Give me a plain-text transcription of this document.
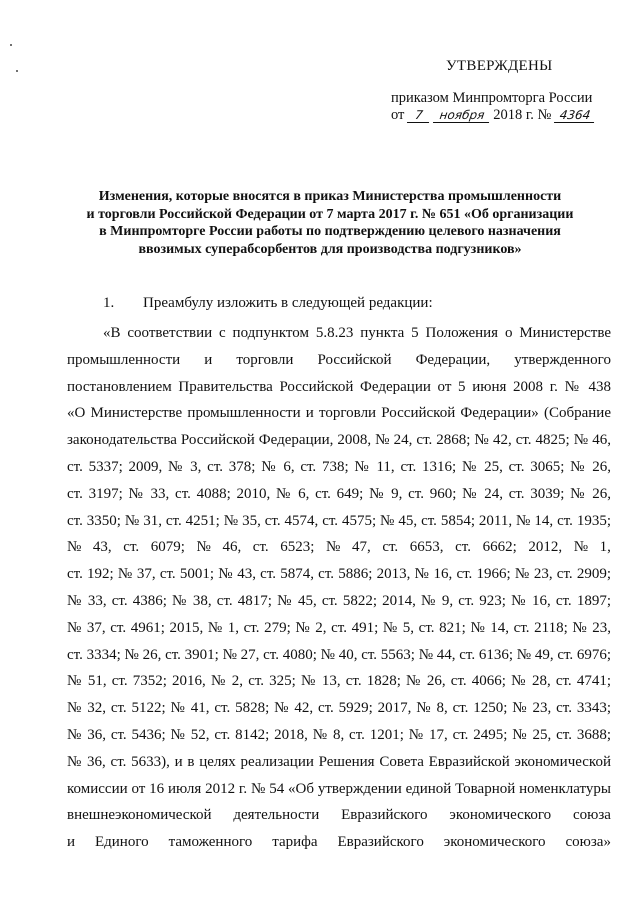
УТВЕРЖДЕНЫ
приказом Минпромторга России
от 7 ноября 2018 г. № 4364
Изменения, которые вносятся в приказ Министерства промышленности
и торговли Российской Федерации от 7 марта 2017 г. № 651 «Об организации
в Минпромторге России работы по подтверждению целевого назначения
ввозимых суперабсорбентов для производства подгузников»
1. Преамбулу изложить в следующей редакции:
«В соответствии с подпунктом 5.8.23 пункта 5 Положения о Министерстве
промышленности и торговли Российской Федерации, утвержденного
постановлением Правительства Российской Федерации от 5 июня 2008 г. № 438
«О Министерстве промышленности и торговли Российской Федерации» (Собрание
законодательства Российской Федерации, 2008, № 24, ст. 2868; № 42, ст. 4825; № 46,
ст. 5337; 2009, № 3, ст. 378; № 6, ст. 738; № 11, ст. 1316; № 25, ст. 3065; № 26,
ст. 3197; № 33, ст. 4088; 2010, № 6, ст. 649; № 9, ст. 960; № 24, ст. 3039; № 26,
ст. 3350; № 31, ст. 4251; № 35, ст. 4574, ст. 4575; № 45, ст. 5854; 2011, № 14, ст. 1935;
№ 43, ст. 6079; № 46, ст. 6523; № 47, ст. 6653, ст. 6662; 2012, № 1,
ст. 192; № 37, ст. 5001; № 43, ст. 5874, ст. 5886; 2013, № 16, ст. 1966; № 23, ст. 2909;
№ 33, ст. 4386; № 38, ст. 4817; № 45, ст. 5822; 2014, № 9, ст. 923; № 16, ст. 1897;
№ 37, ст. 4961; 2015, № 1, ст. 279; № 2, ст. 491; № 5, ст. 821; № 14, ст. 2118; № 23,
ст. 3334; № 26, ст. 3901; № 27, ст. 4080; № 40, ст. 5563; № 44, ст. 6136; № 49, ст. 6976;
№ 51, ст. 7352; 2016, № 2, ст. 325; № 13, ст. 1828; № 26, ст. 4066; № 28, ст. 4741;
№ 32, ст. 5122; № 41, ст. 5828; № 42, ст. 5929; 2017, № 8, ст. 1250; № 23, ст. 3343;
№ 36, ст. 5436; № 52, ст. 8142; 2018, № 8, ст. 1201; № 17, ст. 2495; № 25, ст. 3688;
№ 36, ст. 5633), и в целях реализации Решения Совета Евразийской экономической
комиссии от 16 июля 2012 г. № 54 «Об утверждении единой Товарной номенклатуры
внешнеэкономической деятельности Евразийского экономического союза
и Единого таможенного тарифа Евразийского экономического союза»
